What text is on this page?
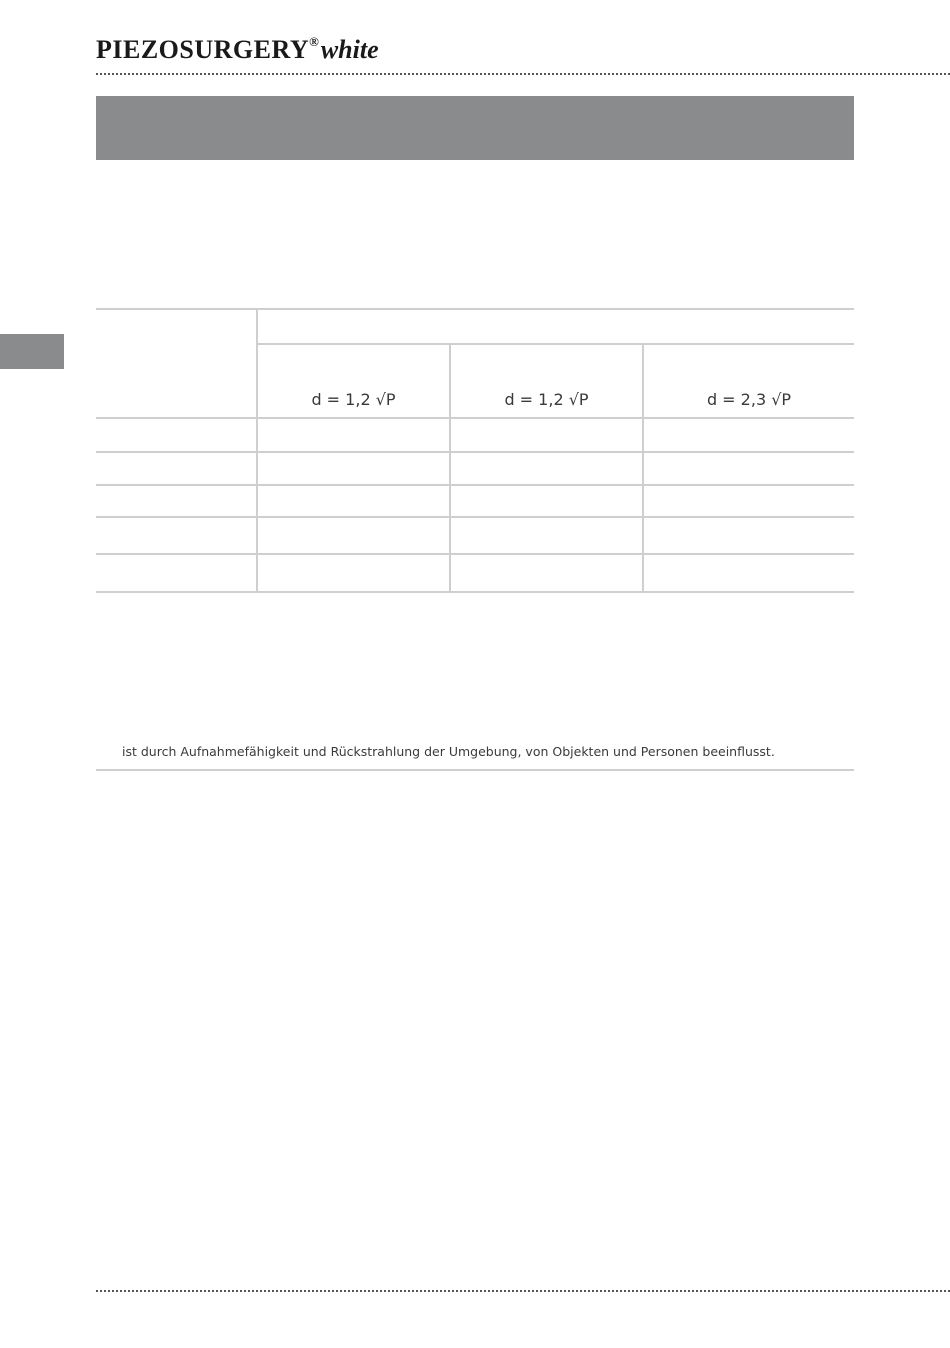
PIEZOSURGERY®white
d = 1,2 √P	d = 1,2 √P	d = 2,3 √P
ist durch Aufnahmefähigkeit und Rückstrahlung der Umgebung, von Objekten und Personen beeinflusst.
